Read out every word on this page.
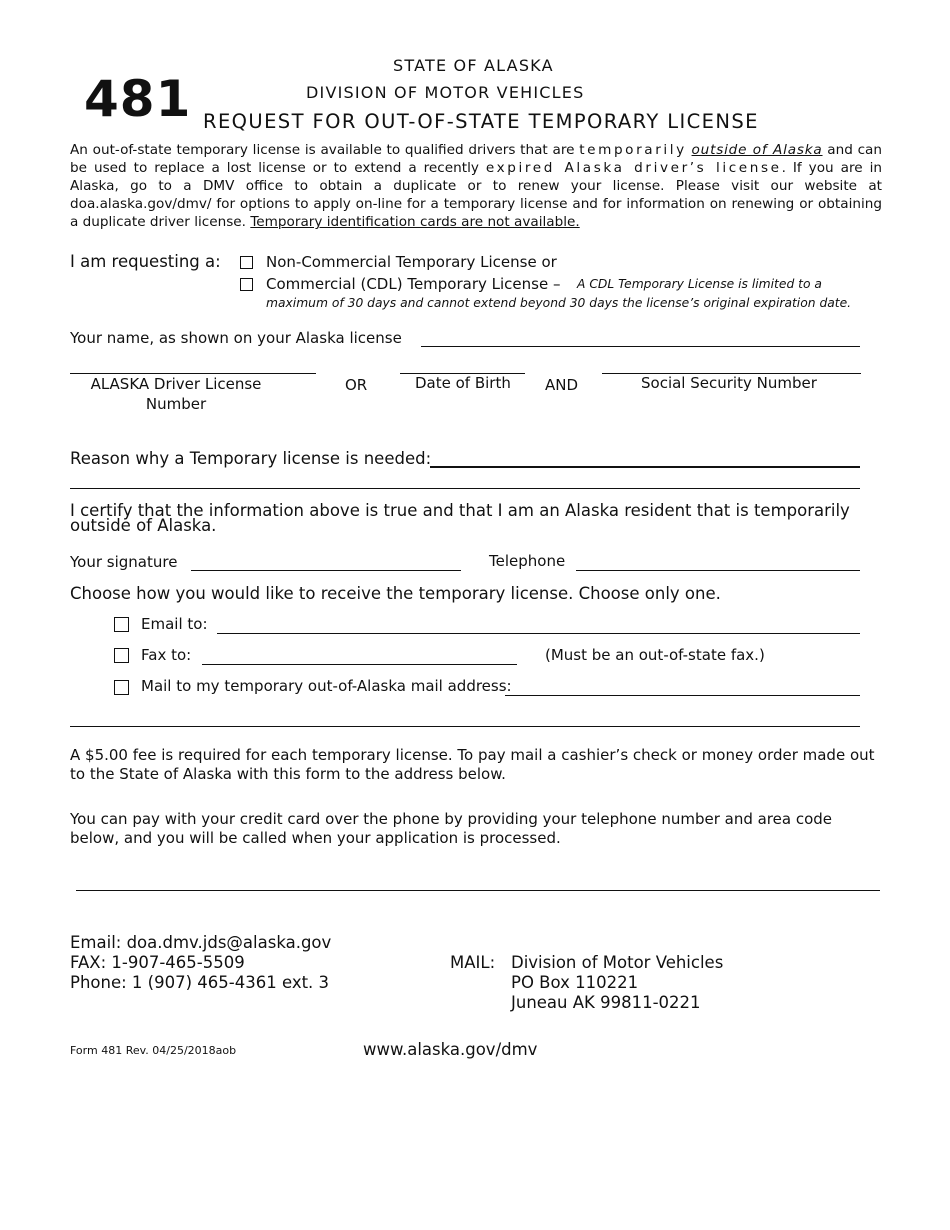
481
STATE OF ALASKA
DIVISION OF MOTOR VEHICLES
REQUEST FOR OUT-OF-STATE TEMPORARY LICENSE
An out-of-state temporary license is available to qualified drivers that are temporarily outside of Alaska and can be used to replace a lost license or to extend a recently expired Alaska driver’s license. If you are in Alaska, go to a DMV office to obtain a duplicate or to renew your license. Please visit our website at doa.alaska.gov/dmv/ for options to apply on-line for a temporary license and for information on renewing or obtaining a duplicate driver license. Temporary identification cards are not available.
I am requesting a:	Non-Commercial Temporary License or
Commercial (CDL) Temporary License – A CDL Temporary License is limited to a
maximum of 30 days and cannot extend beyond 30 days the license’s original expiration date.
Your name, as shown on your Alaska license
ALASKA Driver License
Number
OR	Date of Birth AND	Social Security Number
Reason why a Temporary license is needed:
I certify that the information above is true and that I am an Alaska resident that is temporarily
outside of Alaska.
Your signature	Telephone
Choose how you would like to receive the temporary license. Choose only one.
Email to:
Fax to:	(Must be an out-of-state fax.)
Mail to my temporary out-of-Alaska mail address:
A $5.00 fee is required for each temporary license. To pay mail a cashier’s check or money order made out to the State of Alaska with this form to the address below.
You can pay with your credit card over the phone by providing your telephone number and area code below, and you will be called when your application is processed.
Email: doa.dmv.jds@alaska.gov
FAX: 1-907-465-5509
Phone: 1 (907) 465-4361 ext. 3
MAIL: Division of Motor Vehicles
PO Box 110221
Juneau AK 99811-0221
Form 481 Rev. 04/25/2018aob	www.alaska.gov/dmv
